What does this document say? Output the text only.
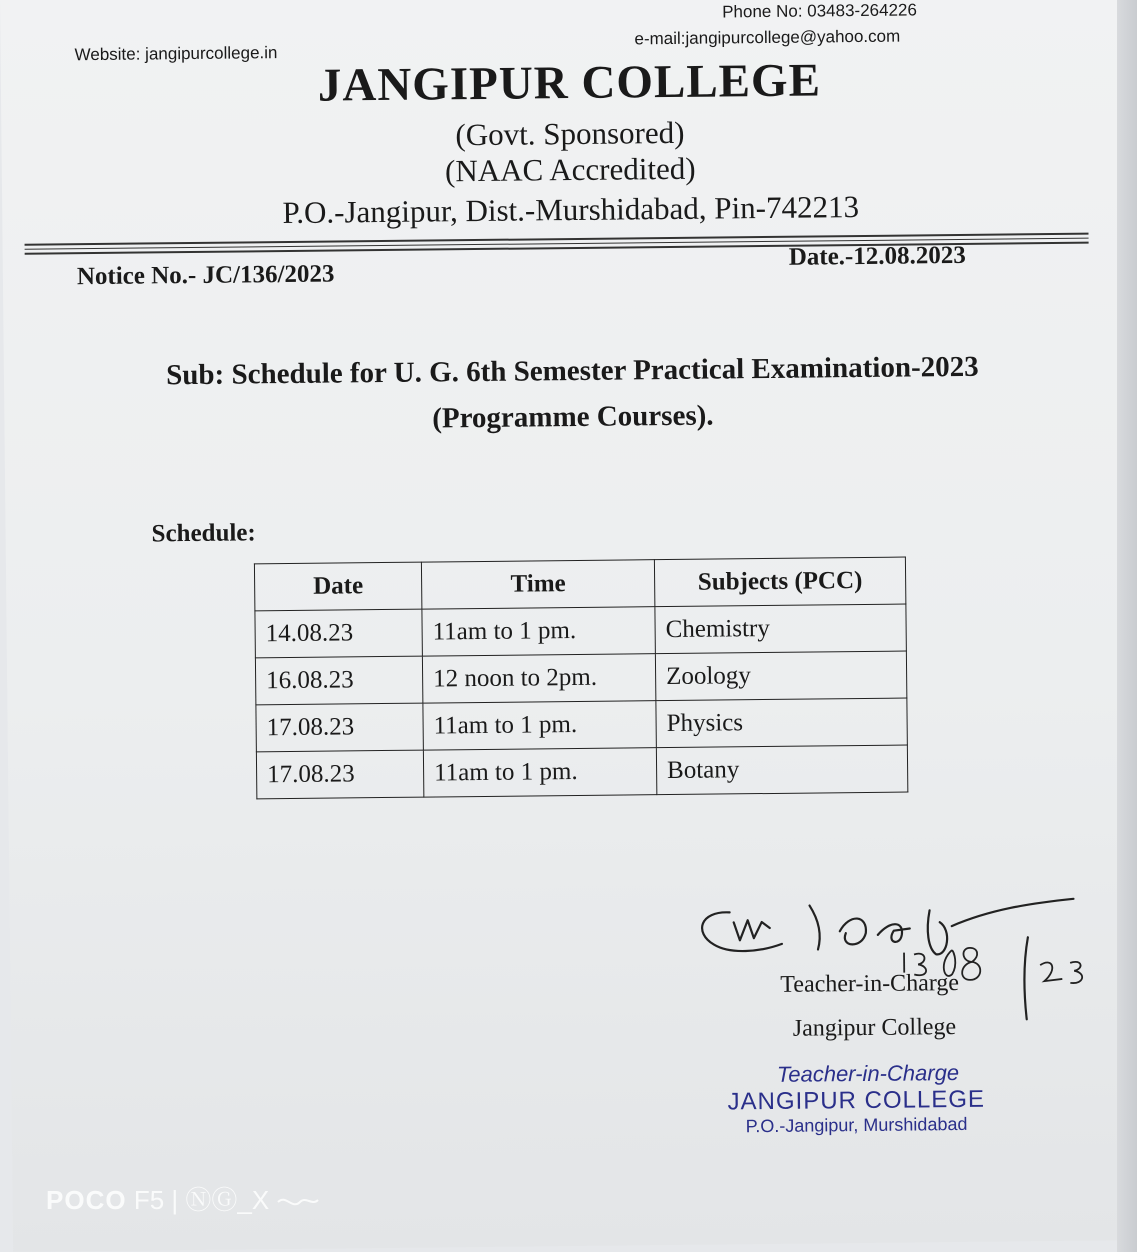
Website: jangipurcollege.in
Phone No: 03483-264226
e-mail:jangipurcollege@yahoo.com
JANGIPUR COLLEGE
(Govt. Sponsored)
(NAAC Accredited)
P.O.-Jangipur, Dist.-Murshidabad, Pin-742213
Notice No.- JC/136/2023
Date.-12.08.2023
Sub: Schedule for U. G. 6th Semester Practical Examination-2023
(Programme Courses).
Schedule:
Date	Time	Subjects (PCC)
14.08.23	11am to 1 pm.	Chemistry
16.08.23	12 noon to 2pm.	Zoology
17.08.23	11am to 1 pm.	Physics
17.08.23	11am to 1 pm.	Botany
Teacher-in-Charge
Jangipur College
Teacher-in-Charge
JANGIPUR COLLEGE
P.O.-Jangipur, Murshidabad
POCO F5 | ⓃⒼ_X
